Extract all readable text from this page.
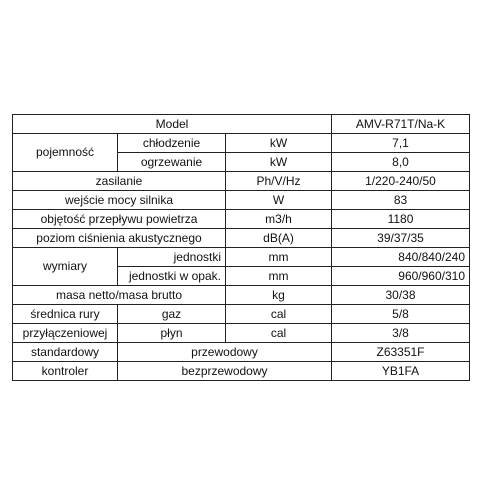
Model			AMV-R71T/Na-K
pojemność	chłodzenie	kW	7,1
	ogrzewanie	kW	8,0
zasilanie		Ph/V/Hz	1/220-240/50
wejście mocy silnika		W	83
objętość przepływu powietrza		m3/h	1180
poziom ciśnienia akustycznego		dB(A)	39/37/35
wymiary	jednostki	mm	840/840/240
	jednostki w opak.	mm	960/960/310
masa netto/masa brutto		kg	30/38
średnica rury	gaz	cal	5/8
przyłączeniowej	płyn	cal	3/8
standardowy	przewodowy		Z63351F
kontroler	bezprzewodowy		YB1FA
